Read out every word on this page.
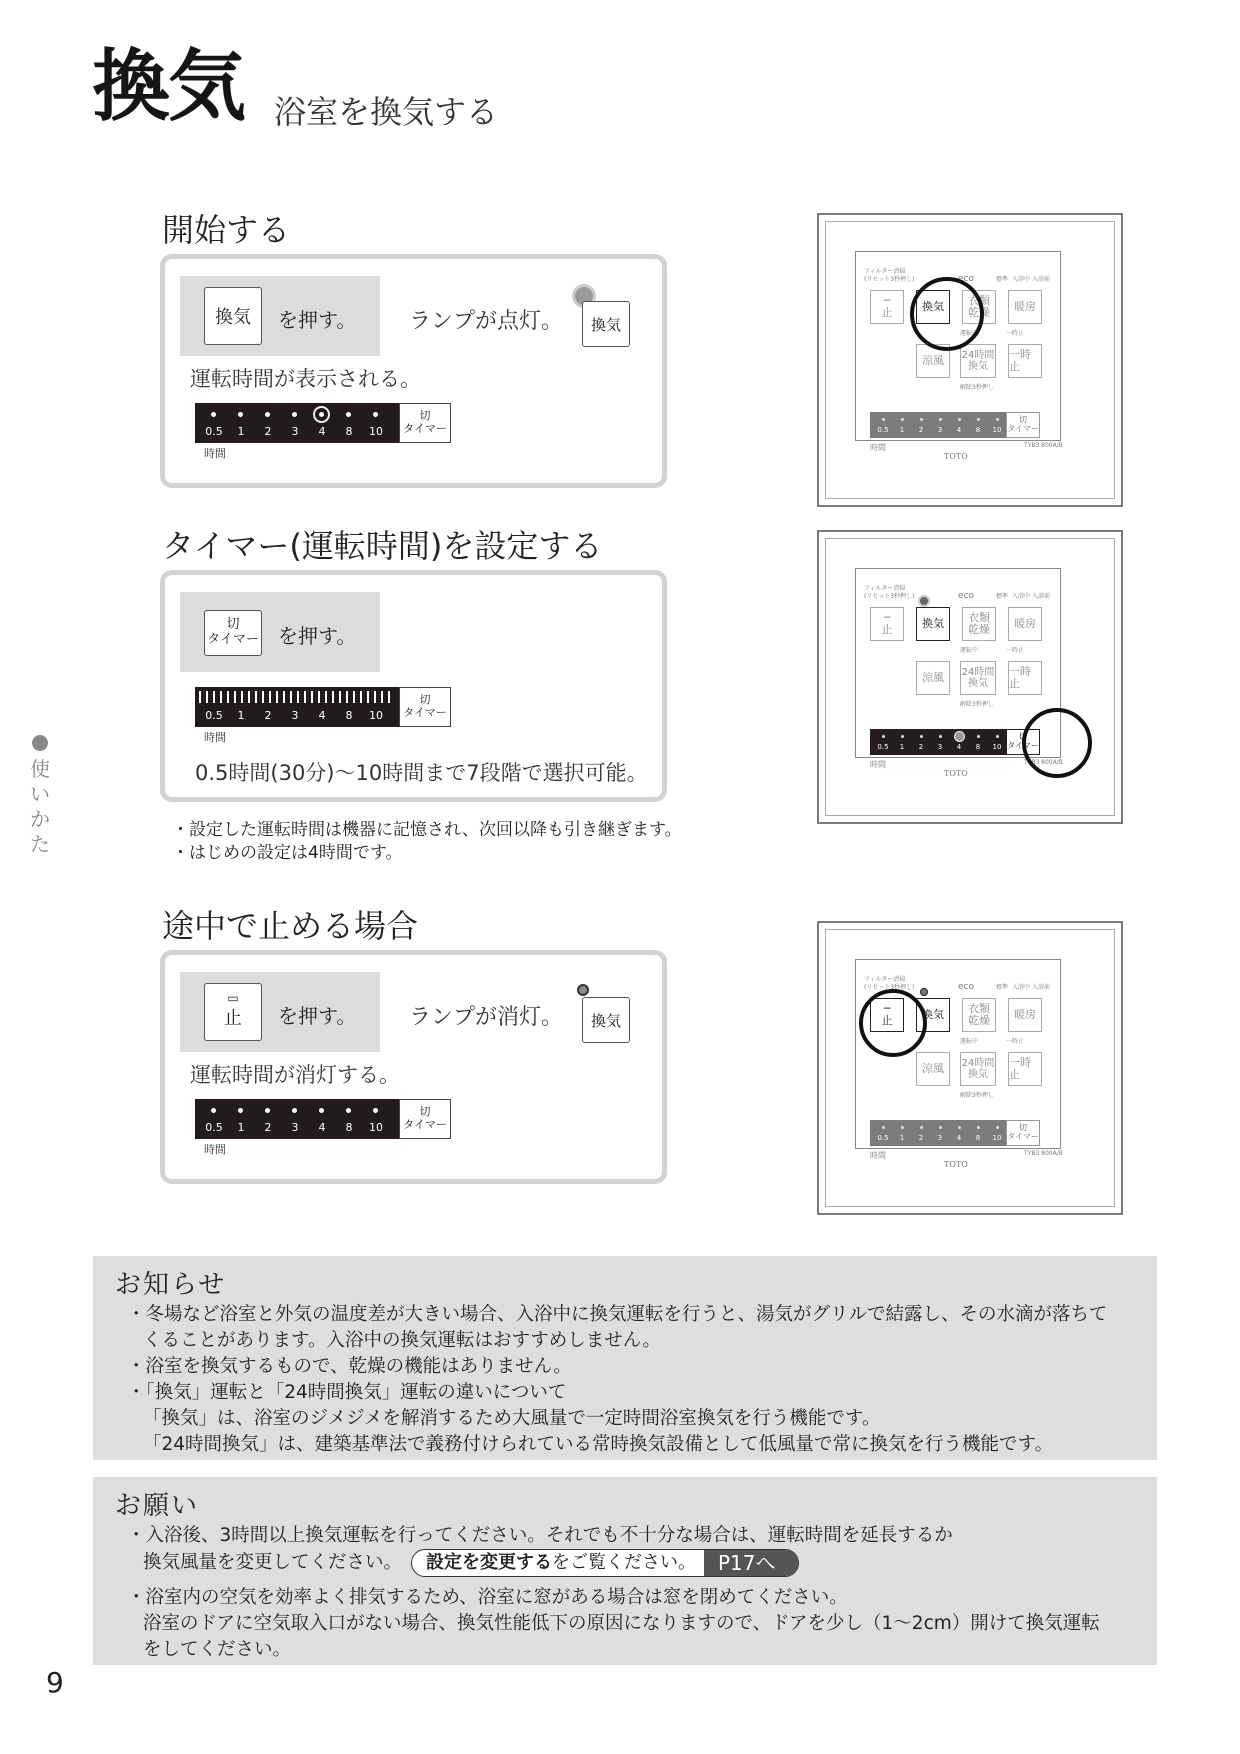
換気 浴室を換気する
使いかた
開始する
換気 を押す。 ランプが点灯。 換気
運転時間が表示される。
0.5	1	2	3	4	8	10
切
タイマー
時間
フィルター清掃
(リセット3秒押し)	eco	標準 入浴中 入浴前
─
止	換気 衣類
乾燥 暖房
運転中	一時止
涼風 24時間
換気
一時止
解除3秒押し
0.5	1	2	3	4	8	10
切
タイマー
時間	TYB3 800A/B
TOTO
タイマー(運転時間)を設定する
切
タイマー を押す。
0.5	1	2	3	4	8	10
切
タイマー
時間
0.5時間(30分)〜10時間まで7段階で選択可能。
・設定した運転時間は機器に記憶され、次回以降も引き継ぎます。
・はじめの設定は4時間です。
フィルター清掃
(リセット3秒押し)	eco	標準 入浴中 入浴前
─
止	換気 衣類
乾燥 暖房
運転中	一時止
涼風 24時間
換気
一時止
解除3秒押し
0.5	1	2	3	4	8	10
切
タイマー
時間	TYB3 800A/B
TOTO
途中で止める場合
▭
止 を押す。 ランプが消灯。 換気
運転時間が消灯する。
0.5	1	2	3	4	8	10
切
タイマー
時間
フィルター清掃
(リセット3秒押し)	eco	標準 入浴中 入浴前
─
止	換気 衣類
乾燥 暖房
運転中	一時止
涼風 24時間
換気
一時止
解除3秒押し
0.5	1	2	3	4	8	10
切
タイマー
時間	TYB3 800A/B
TOTO
お知らせ
・冬場など浴室と外気の温度差が大きい場合、入浴中に換気運転を行うと、湯気がグリルで結露し、その水滴が落ちて
くることがあります。入浴中の換気運転はおすすめしません。
・浴室を換気するもので、乾燥の機能はありません。
・「換気」運転と「24時間換気」運転の違いについて
「換気」は、浴室のジメジメを解消するため大風量で一定時間浴室換気を行う機能です。
「24時間換気」は、建築基準法で義務付けられている常時換気設備として低風量で常に換気を行う機能です。
お願い
・入浴後、3時間以上換気運転を行ってください。それでも不十分な場合は、運転時間を延長するか
換気風量を変更してください。	設定を変更するをご覧ください。	P17へ
・浴室内の空気を効率よく排気するため、浴室に窓がある場合は窓を閉めてください。
浴室のドアに空気取入口がない場合、換気性能低下の原因になりますので、ドアを少し（1〜2cm）開けて換気運転
をしてください。
9
